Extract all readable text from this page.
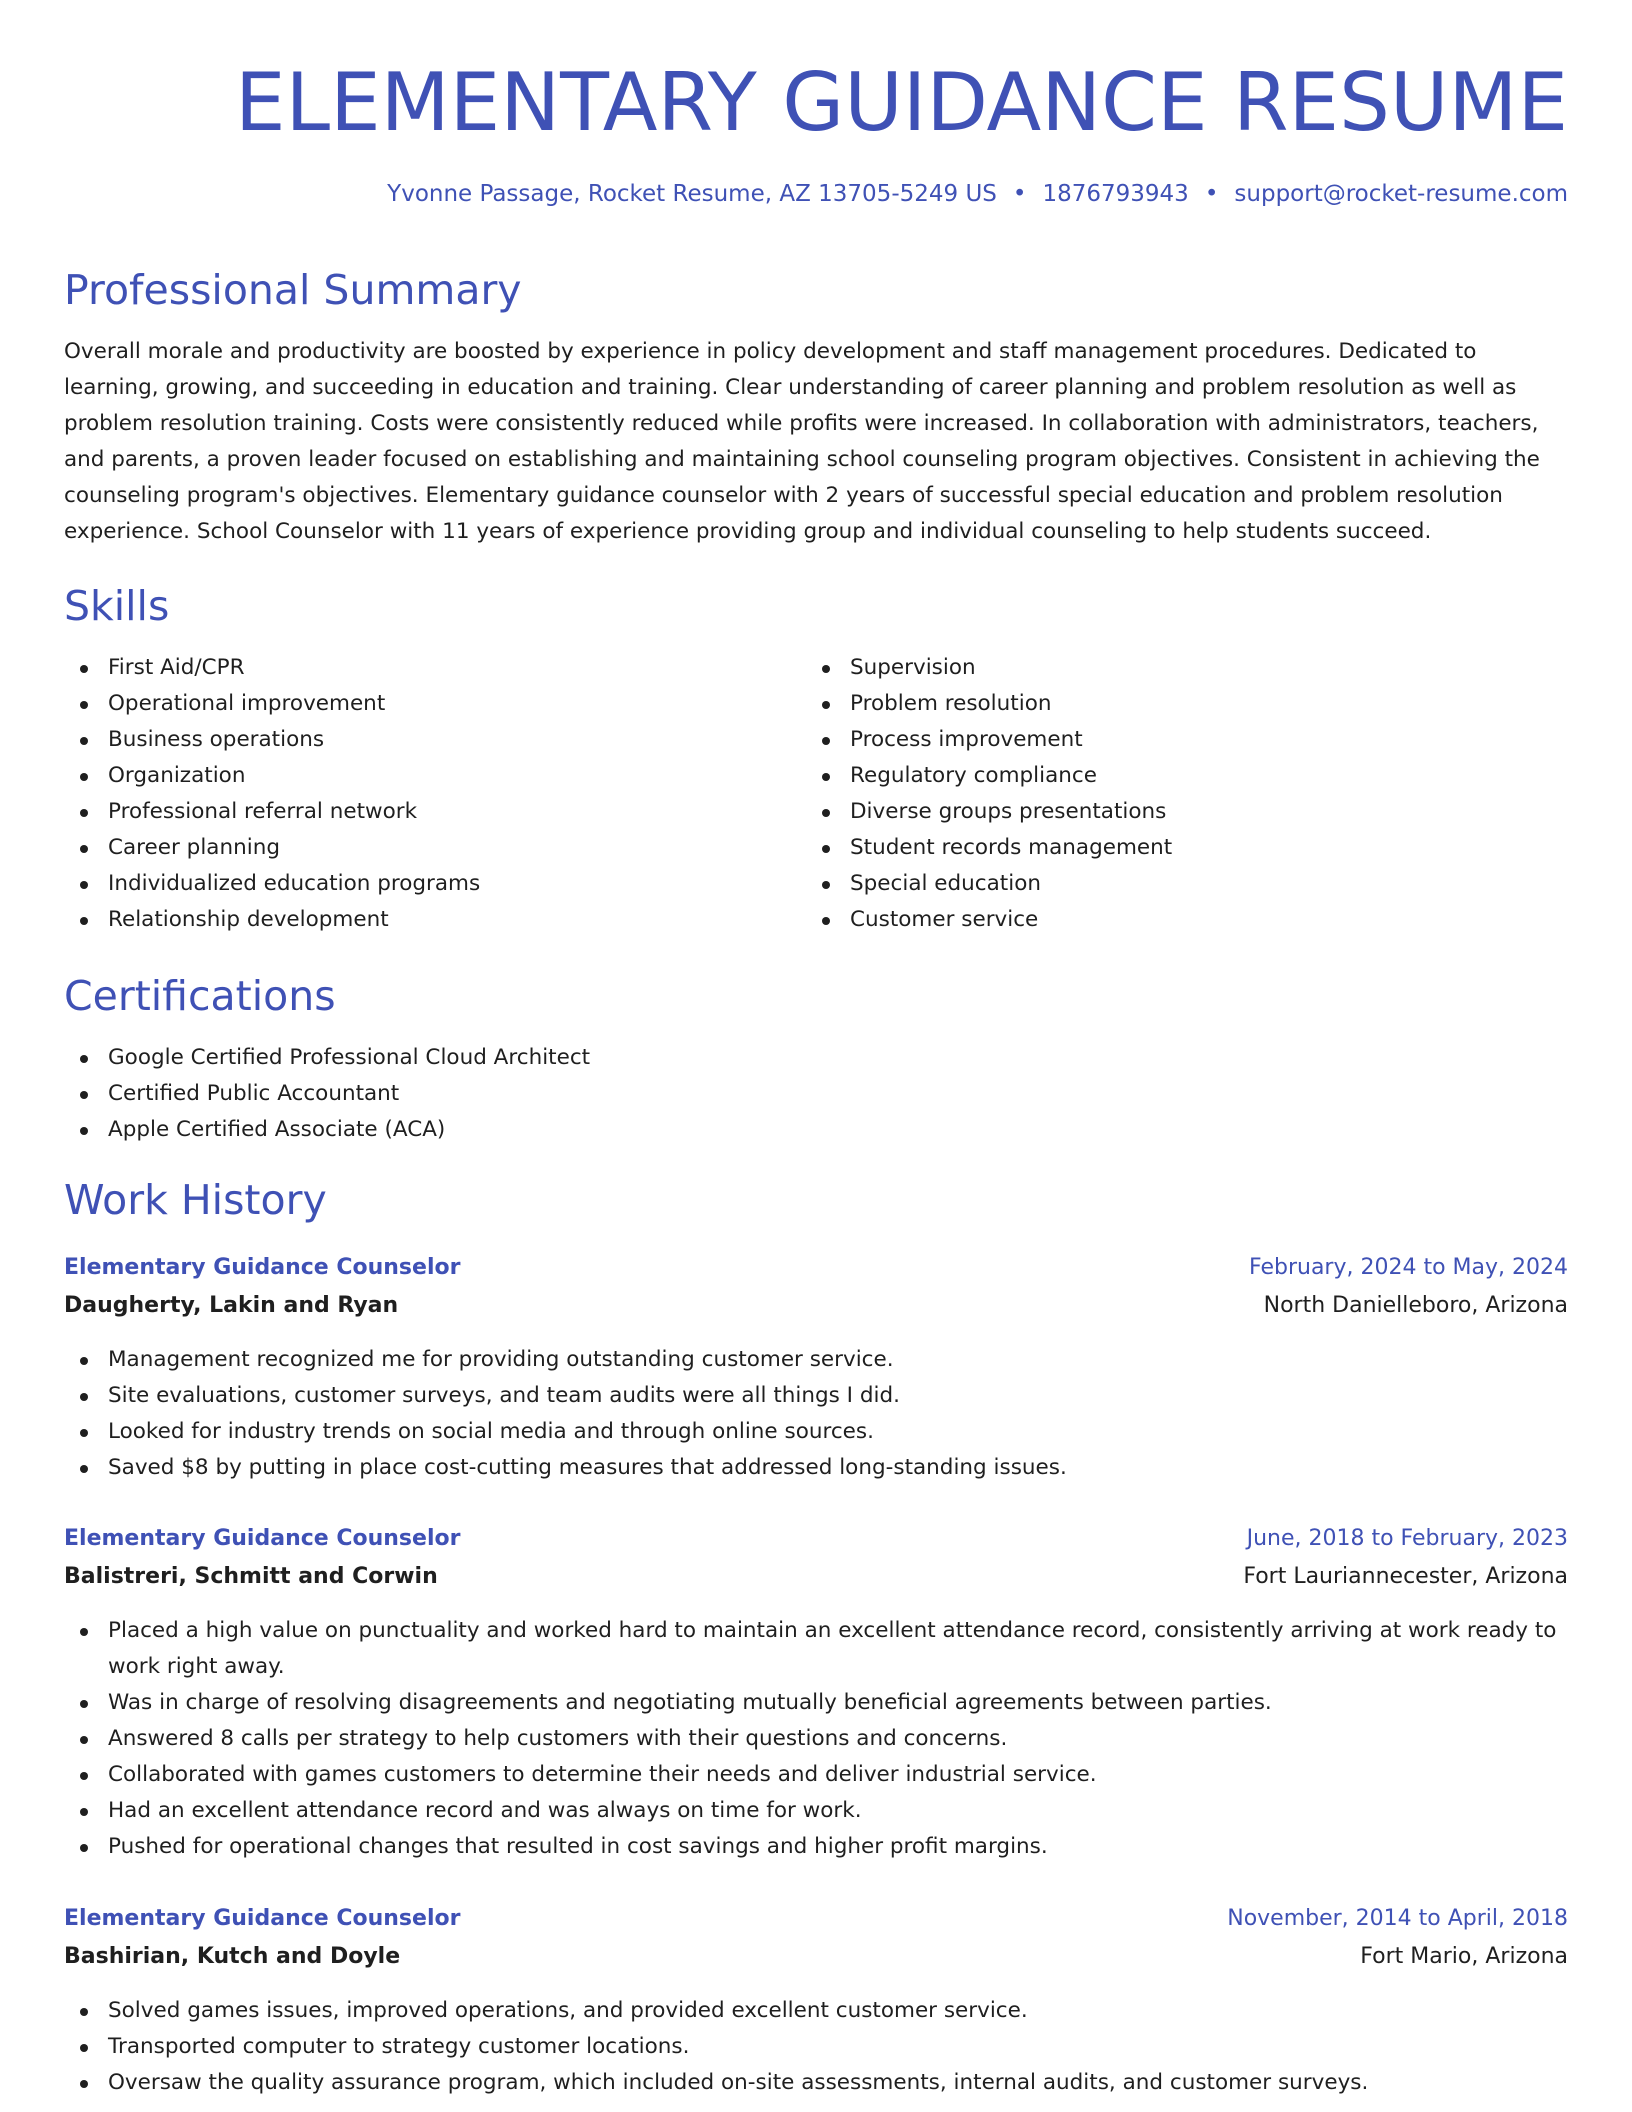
ELEMENTARY GUIDANCE RESUME
Yvonne Passage, Rocket Resume, AZ 13705-5249 US • 1876793943 • support@rocket-resume.com
Professional Summary

Overall morale and productivity are boosted by experience in policy development and staff management procedures. Dedicated to learning, growing, and succeeding in education and training. Clear understanding of career planning and problem resolution as well as problem resolution training. Costs were consistently reduced while profits were increased. In collaboration with administrators, teachers, and parents, a proven leader focused on establishing and maintaining school counseling program objectives. Consistent in achieving the counseling program's objectives. Elementary guidance counselor with 2 years of successful special education and problem resolution experience. School Counselor with 11 years of experience providing group and individual counseling to help students succeed.

Skills
First Aid/CPR
Operational improvement
Business operations
Organization
Professional referral network
Career planning
Individualized education programs
Relationship development
Supervision
Problem resolution
Process improvement
Regulatory compliance
Diverse groups presentations
Student records management
Special education
Customer service
Certifications
Google Certified Professional Cloud Architect
Certified Public Accountant
Apple Certified Associate (ACA)
Work History
Elementary Guidance Counselor	February, 2024 to May, 2024
Daugherty, Lakin and Ryan	North Danielleboro, Arizona
Management recognized me for providing outstanding customer service.
Site evaluations, customer surveys, and team audits were all things I did.
Looked for industry trends on social media and through online sources.
Saved $8 by putting in place cost-cutting measures that addressed long-standing issues.
Elementary Guidance Counselor	June, 2018 to February, 2023
Balistreri, Schmitt and Corwin	Fort Lauriannecester, Arizona
Placed a high value on punctuality and worked hard to maintain an excellent attendance record, consistently arriving at work ready to work right away.
Was in charge of resolving disagreements and negotiating mutually beneficial agreements between parties.
Answered 8 calls per strategy to help customers with their questions and concerns.
Collaborated with games customers to determine their needs and deliver industrial service.
Had an excellent attendance record and was always on time for work.
Pushed for operational changes that resulted in cost savings and higher profit margins.
Elementary Guidance Counselor	November, 2014 to April, 2018
Bashirian, Kutch and Doyle	Fort Mario, Arizona
Solved games issues, improved operations, and provided excellent customer service.
Transported computer to strategy customer locations.
Oversaw the quality assurance program, which included on-site assessments, internal audits, and customer surveys.
